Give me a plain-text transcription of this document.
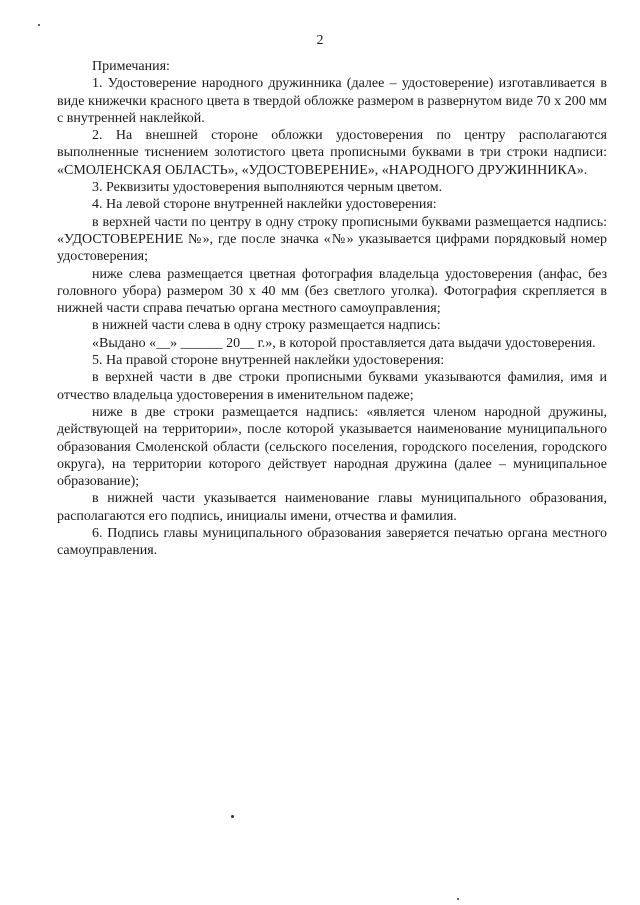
2

Примечания:

1. Удостоверение народного дружинника (далее – удостоверение) изготавливается в виде книжечки красного цвета в твердой обложке размером в развернутом виде 70 х 200 мм с внутренней наклейкой.

2. На внешней стороне обложки удостоверения по центру располагаются выполненные тиснением золотистого цвета прописными буквами в три строки надписи: «СМОЛЕНСКАЯ ОБЛАСТЬ», «УДОСТОВЕРЕНИЕ», «НАРОДНОГО ДРУЖИННИКА».

3. Реквизиты удостоверения выполняются черным цветом.

4. На левой стороне внутренней наклейки удостоверения:

в верхней части по центру в одну строку прописными буквами размещается надпись: «УДОСТОВЕРЕНИЕ №», где после значка «№» указывается цифрами порядковый номер удостоверения;

ниже слева размещается цветная фотография владельца удостоверения (анфас, без головного убора) размером 30 х 40 мм (без светлого уголка). Фотография скрепляется в нижней части справа печатью органа местного самоуправления;

в нижней части слева в одну строку размещается надпись:

«Выдано «__» ______ 20__ г.», в которой проставляется дата выдачи удостоверения.

5. На правой стороне внутренней наклейки удостоверения:

в верхней части в две строки прописными буквами указываются фамилия, имя и отчество владельца удостоверения в именительном падеже;

ниже в две строки размещается надпись: «является членом народной дружины, действующей на территории», после которой указывается наименование муниципального образования Смоленской области (сельского поселения, городского поселения, городского округа), на территории которого действует народная дружина (далее – муниципальное образование);

в нижней части указывается наименование главы муниципального образования, располагаются его подпись, инициалы имени, отчества и фамилия.

6. Подпись главы муниципального образования заверяется печатью органа местного самоуправления.
